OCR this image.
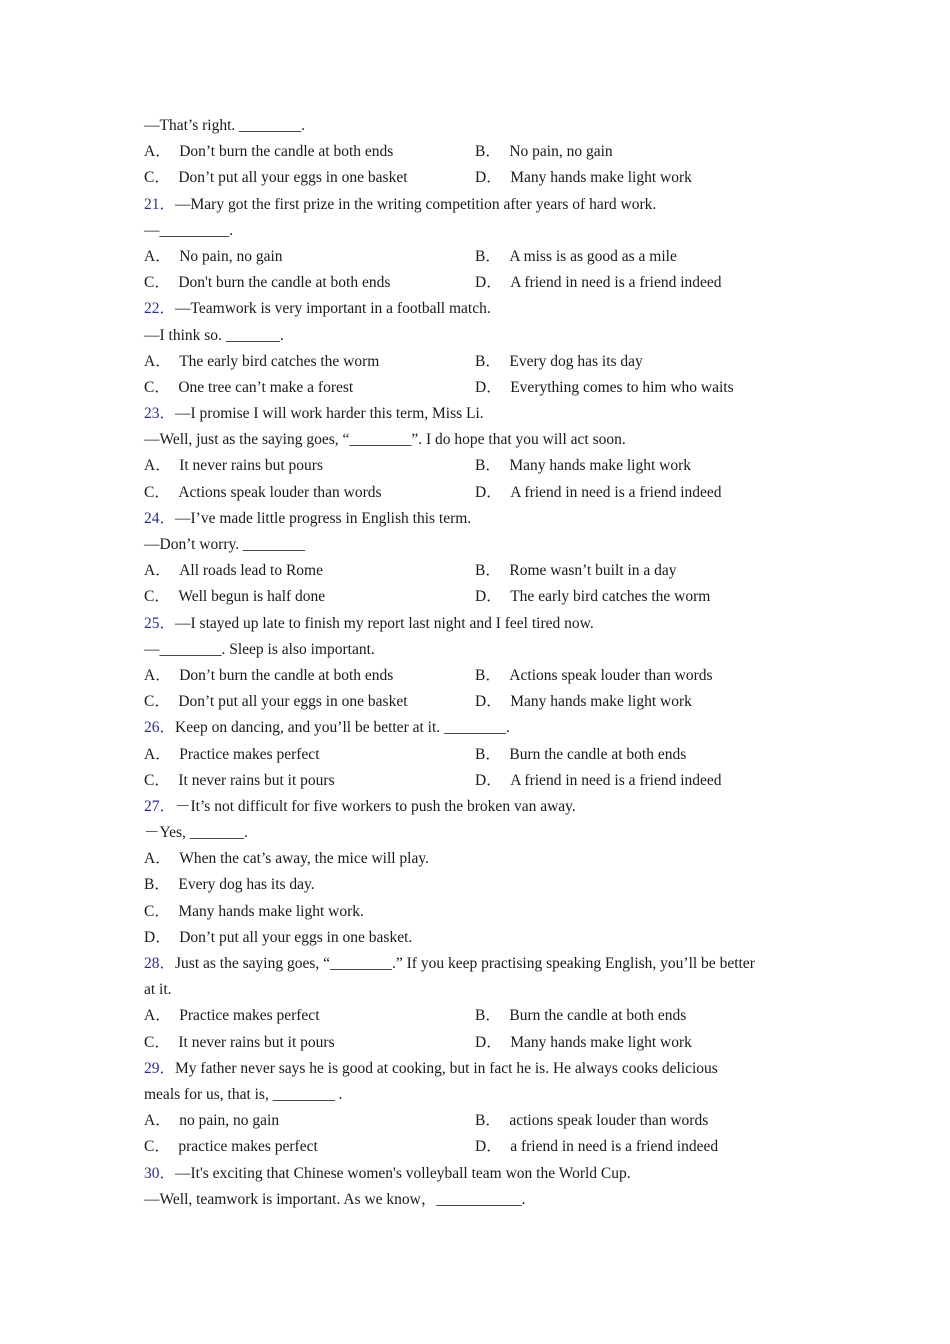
—That’s right. ________.
A． Don’t burn the candle at both ends	B． No pain, no gain
C． Don’t put all your eggs in one basket	D． Many hands make light work
21．—Mary got the first prize in the writing competition after years of hard work.
—_________.
A． No pain, no gain	B． A miss is as good as a mile
C． Don't burn the candle at both ends	D． A friend in need is a friend indeed
22．—Teamwork is very important in a football match.
—I think so. _______.
A． The early bird catches the worm	B． Every dog has its day
C． One tree can’t make a forest	D． Everything comes to him who waits
23．—I promise I will work harder this term, Miss Li.
—Well, just as the saying goes, “________”. I do hope that you will act soon.
A． It never rains but pours	B． Many hands make light work
C． Actions speak louder than words	D． A friend in need is a friend indeed
24．—I’ve made little progress in English this term.
—Don’t worry. ________
A． All roads lead to Rome	B． Rome wasn’t built in a day
C． Well begun is half done	D． The early bird catches the worm
25．—I stayed up late to finish my report last night and I feel tired now.
—________. Sleep is also important.
A． Don’t burn the candle at both ends	B． Actions speak louder than words
C． Don’t put all your eggs in one basket	D． Many hands make light work
26．Keep on dancing, and you’ll be better at it. ________.
A． Practice makes perfect	B． Burn the candle at both ends
C． It never rains but it pours	D． A friend in need is a friend indeed
27．－It’s not difficult for five workers to push the broken van away.
－Yes, _______.
A． When the cat’s away, the mice will play.
B． Every dog has its day.
C． Many hands make light work.
D． Don’t put all your eggs in one basket.
28．Just as the saying goes, “________.” If you keep practising speaking English, you’ll be better
at it.
A． Practice makes perfect	B． Burn the candle at both ends
C． It never rains but it pours	D． Many hands make light work
29．My father never says he is good at cooking, but in fact he is. He always cooks delicious
meals for us, that is, ________ .
A． no pain, no gain	B． actions speak louder than words
C． practice makes perfect	D． a friend in need is a friend indeed
30．—It's exciting that Chinese women's volleyball team won the World Cup.
—Well, teamwork is important. As we know，___________.
